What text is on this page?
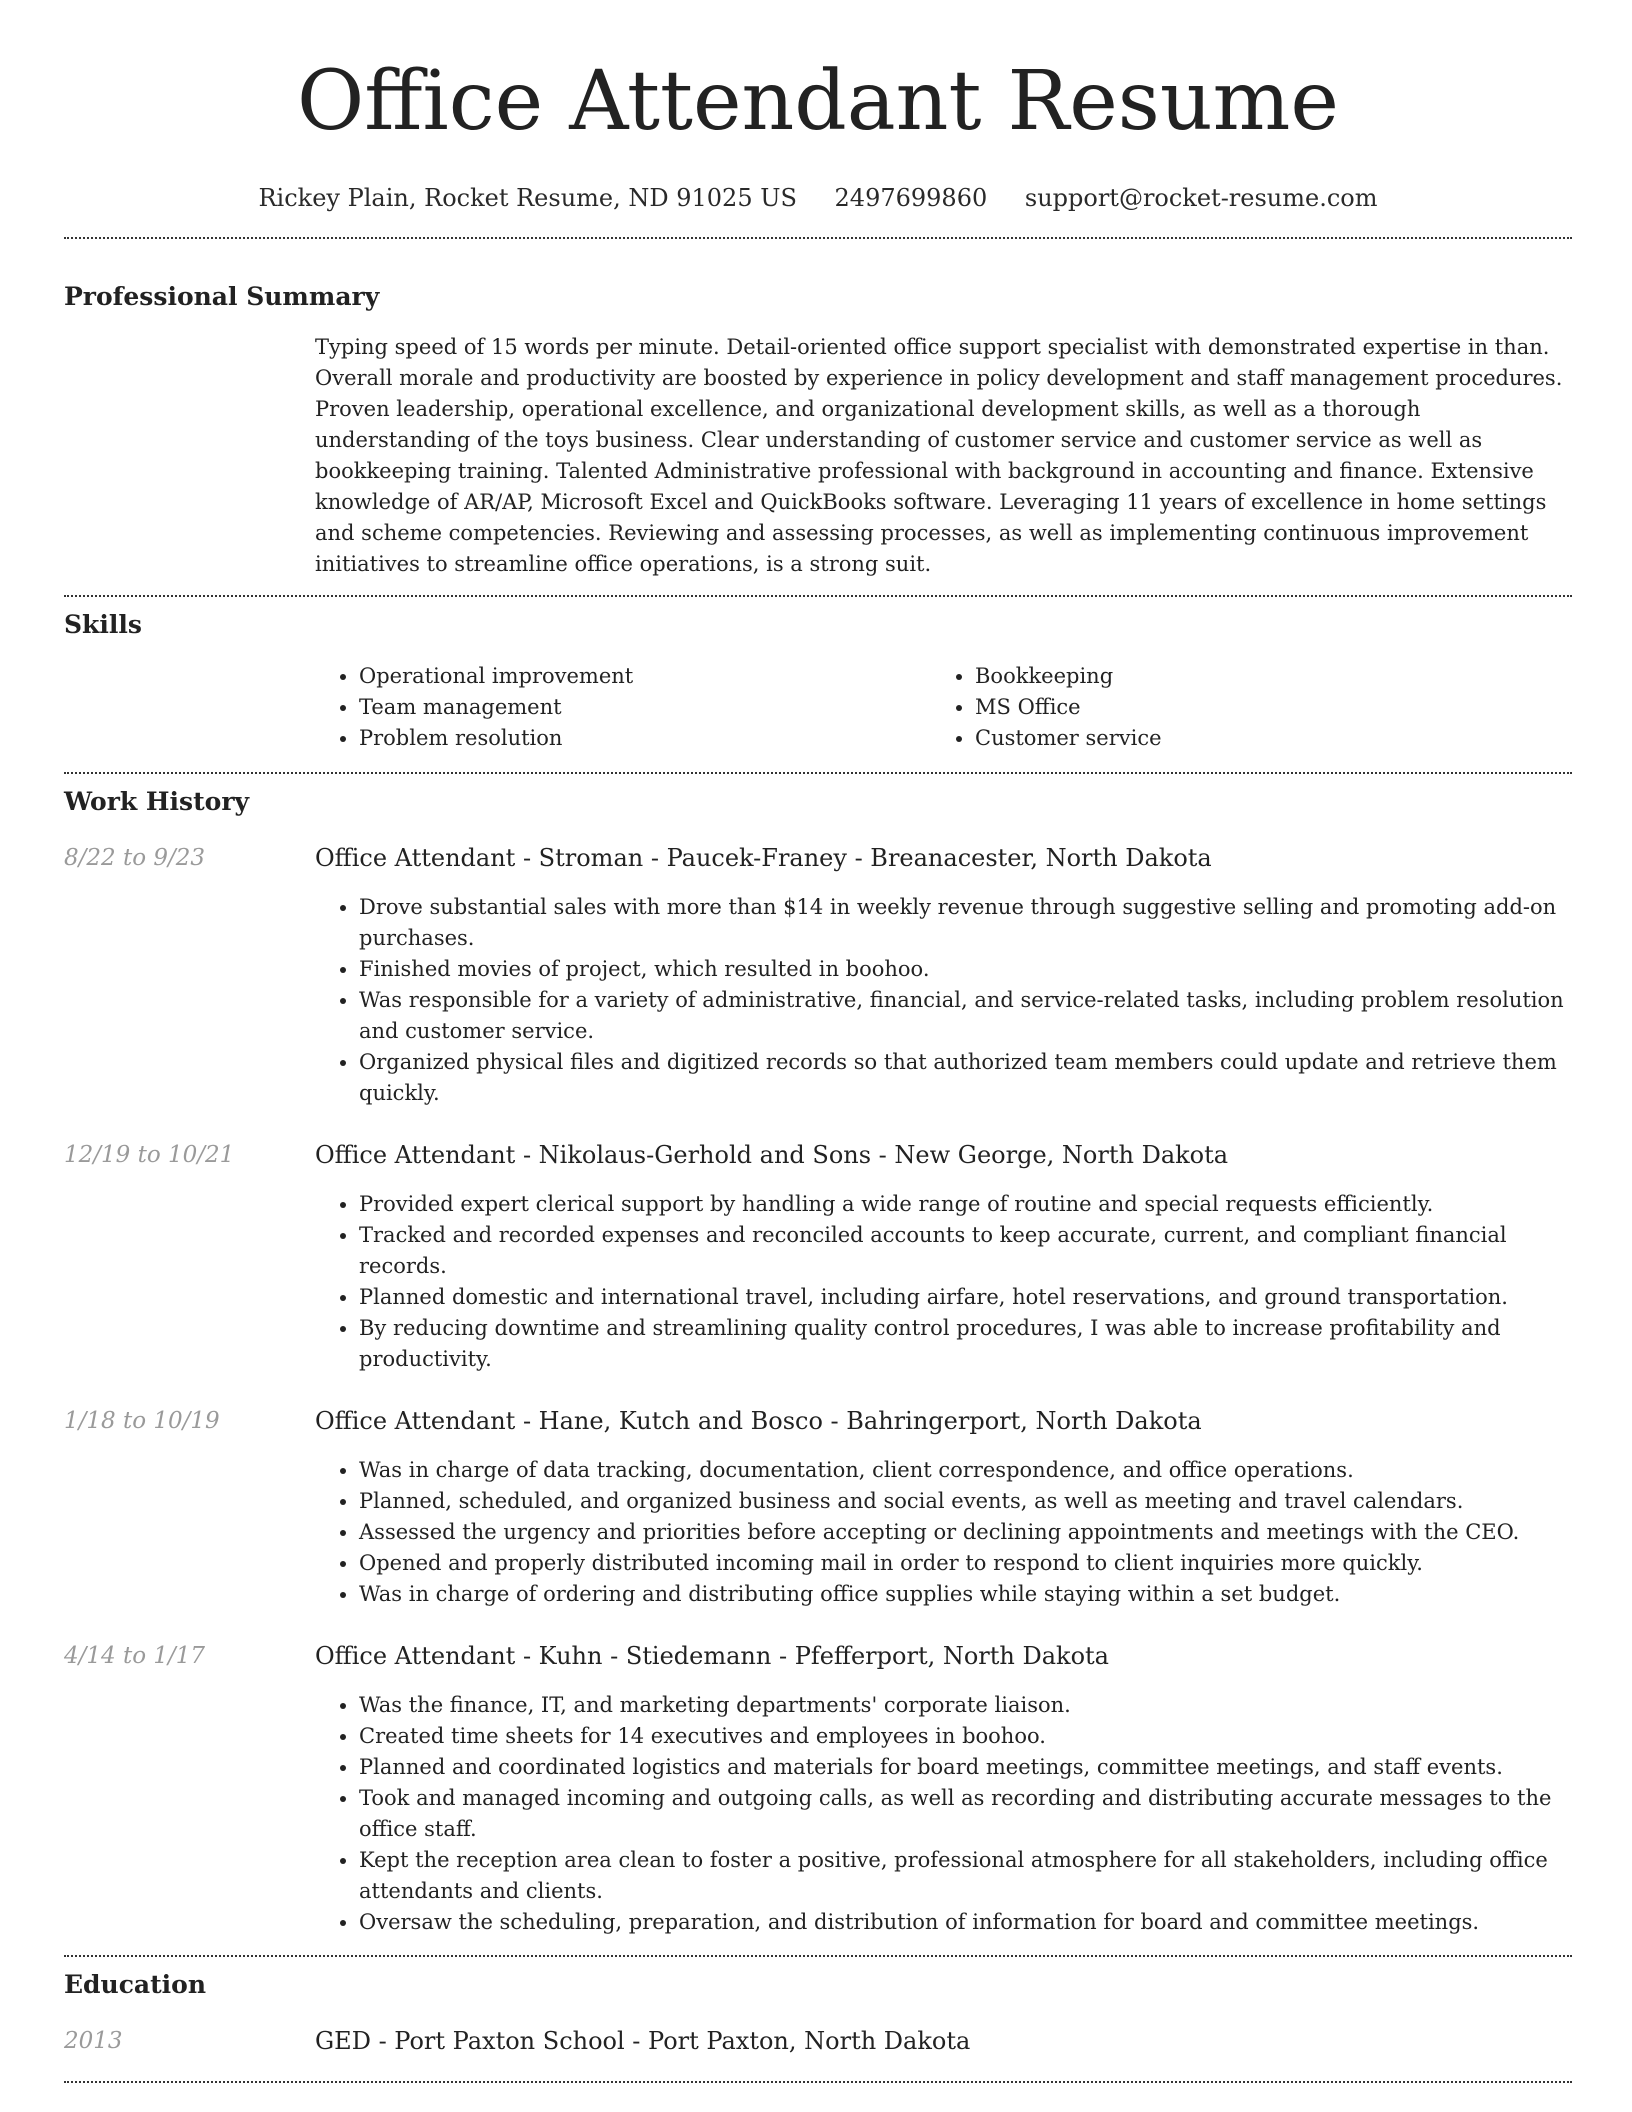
Office Attendant Resume
Rickey Plain, Rocket Resume, ND 91025 US 2497699860 support@rocket-resume.com
Professional Summary

Typing speed of 15 words per minute. Detail-oriented office support specialist with demonstrated expertise in than. Overall morale and productivity are boosted by experience in policy development and staff management procedures. Proven leadership, operational excellence, and organizational development skills, as well as a thorough understanding of the toys business. Clear understanding of customer service and customer service as well as bookkeeping training. Talented Administrative professional with background in accounting and finance. Extensive knowledge of AR/AP, Microsoft Excel and QuickBooks software. Leveraging 11 years of excellence in home settings and scheme competencies. Reviewing and assessing processes, as well as implementing continuous improvement initiatives to streamline office operations, is a strong suit.

Skills
• Operational improvement
• Team management
• Problem resolution
• Bookkeeping
• MS Office
• Customer service
Work History
8/22 to 9/23	Office Attendant - Stroman - Paucek-Franey - Breanacester, North Dakota
• Drove substantial sales with more than $14 in weekly revenue through suggestive selling and promoting add-on purchases.
• Finished movies of project, which resulted in boohoo.
• Was responsible for a variety of administrative, financial, and service-related tasks, including problem resolution and customer service.
• Organized physical files and digitized records so that authorized team members could update and retrieve them quickly.
12/19 to 10/21	Office Attendant - Nikolaus-Gerhold and Sons - New George, North Dakota
• Provided expert clerical support by handling a wide range of routine and special requests efficiently.
• Tracked and recorded expenses and reconciled accounts to keep accurate, current, and compliant financial records.
• Planned domestic and international travel, including airfare, hotel reservations, and ground transportation.
• By reducing downtime and streamlining quality control procedures, I was able to increase profitability and productivity.
1/18 to 10/19	Office Attendant - Hane, Kutch and Bosco - Bahringerport, North Dakota
• Was in charge of data tracking, documentation, client correspondence, and office operations.
• Planned, scheduled, and organized business and social events, as well as meeting and travel calendars.
• Assessed the urgency and priorities before accepting or declining appointments and meetings with the CEO.
• Opened and properly distributed incoming mail in order to respond to client inquiries more quickly.
• Was in charge of ordering and distributing office supplies while staying within a set budget.
4/14 to 1/17	Office Attendant - Kuhn - Stiedemann - Pfefferport, North Dakota
• Was the finance, IT, and marketing departments' corporate liaison.
• Created time sheets for 14 executives and employees in boohoo.
• Planned and coordinated logistics and materials for board meetings, committee meetings, and staff events.
• Took and managed incoming and outgoing calls, as well as recording and distributing accurate messages to the office staff.
• Kept the reception area clean to foster a positive, professional atmosphere for all stakeholders, including office attendants and clients.
• Oversaw the scheduling, preparation, and distribution of information for board and committee meetings.
Education
2013	GED - Port Paxton School - Port Paxton, North Dakota
